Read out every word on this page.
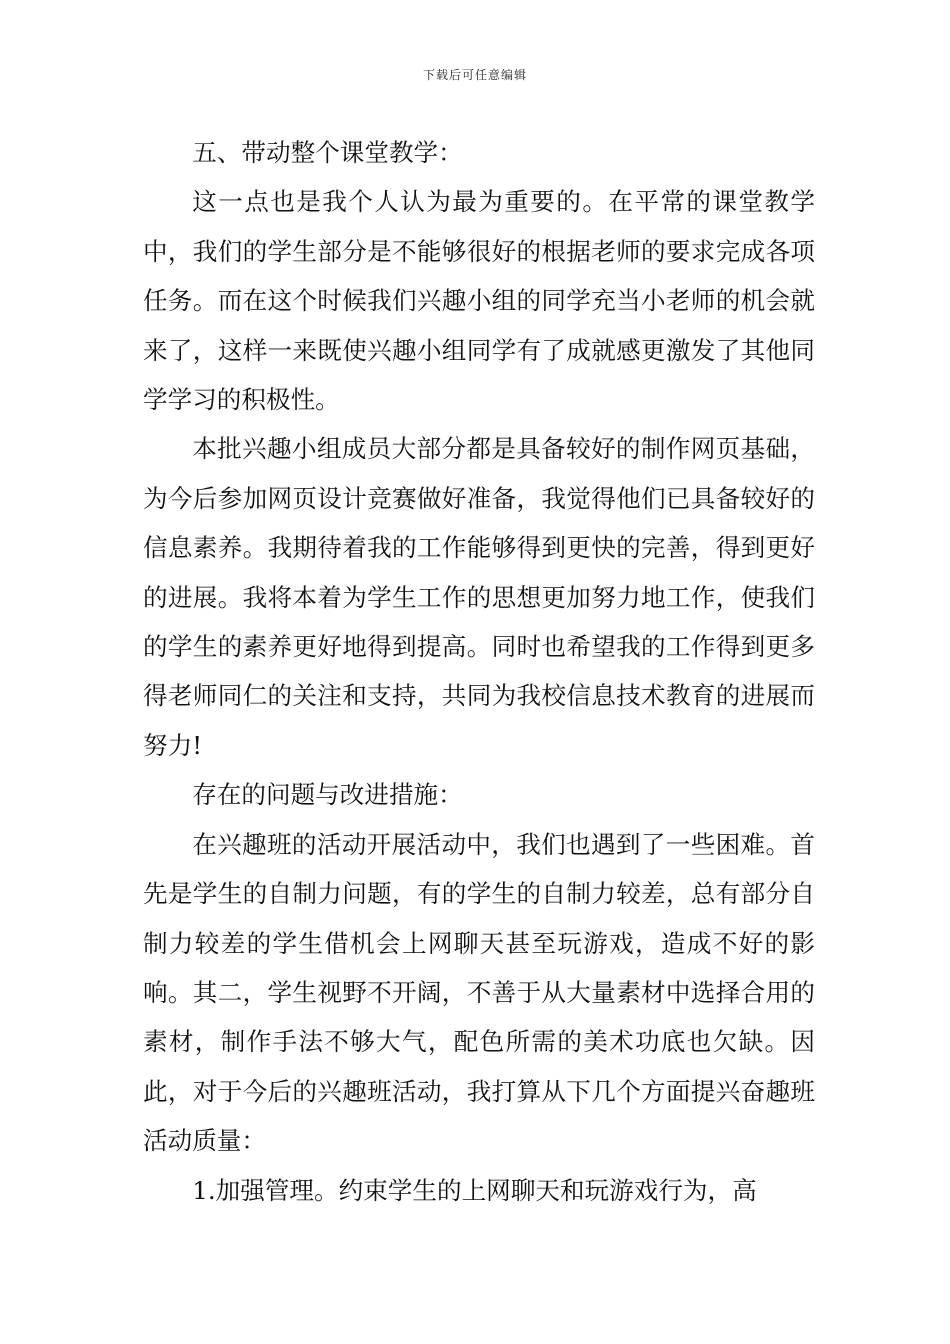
下载后可任意编辑

五、带动整个课堂教学：

这一点也是我个人认为最为重要的。在平常的课堂教学中，我们的学生部分是不能够很好的根据老师的要求完成各项任务。而在这个时候我们兴趣小组的同学充当小老师的机会就来了，这样一来既使兴趣小组同学有了成就感更激发了其他同学学习的积极性。

本批兴趣小组成员大部分都是具备较好的制作网页基础，为今后参加网页设计竞赛做好准备，我觉得他们已具备较好的信息素养。我期待着我的工作能够得到更快的完善，得到更好的进展。我将本着为学生工作的思想更加努力地工作，使我们的学生的素养更好地得到提高。同时也希望我的工作得到更多得老师同仁的关注和支持，共同为我校信息技术教育的进展而努力!

存在的问题与改进措施：

在兴趣班的活动开展活动中，我们也遇到了一些困难。首先是学生的自制力问题，有的学生的自制力较差，总有部分自制力较差的学生借机会上网聊天甚至玩游戏，造成不好的影响。其二，学生视野不开阔，不善于从大量素材中选择合用的素材，制作手法不够大气，配色所需的美术功底也欠缺。因此，对于今后的兴趣班活动，我打算从下几个方面提兴奋趣班活动质量：

1.加强管理。约束学生的上网聊天和玩游戏行为，高
